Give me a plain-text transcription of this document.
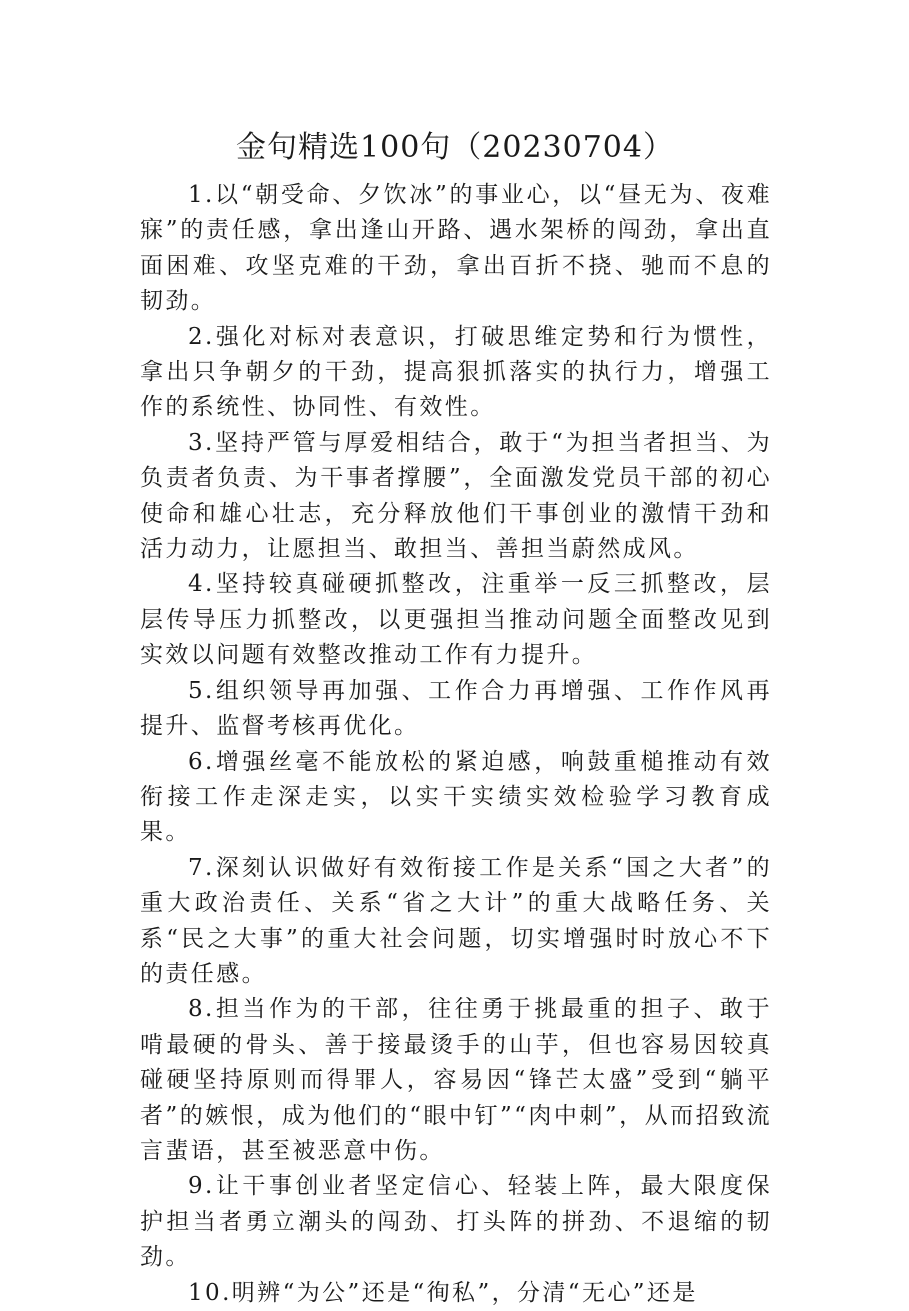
金句精选100句（20230704）

1.以“朝受命、夕饮冰”的事业心，以“昼无为、夜难寐”的责任感，拿出逢山开路、遇水架桥的闯劲，拿出直面困难、攻坚克难的干劲，拿出百折不挠、驰而不息的韧劲。

2.强化对标对表意识，打破思维定势和行为惯性，拿出只争朝夕的干劲，提高狠抓落实的执行力，增强工作的系统性、协同性、有效性。

3.坚持严管与厚爱相结合，敢于“为担当者担当、为负责者负责、为干事者撑腰”，全面激发党员干部的初心使命和雄心壮志，充分释放他们干事创业的激情干劲和活力动力，让愿担当、敢担当、善担当蔚然成风。

4.坚持较真碰硬抓整改，注重举一反三抓整改，层层传导压力抓整改，以更强担当推动问题全面整改见到实效以问题有效整改推动工作有力提升。

5.组织领导再加强、工作合力再增强、工作作风再提升、监督考核再优化。

6.增强丝毫不能放松的紧迫感，响鼓重槌推动有效衔接工作走深走实，以实干实绩实效检验学习教育成果。

7.深刻认识做好有效衔接工作是关系“国之大者”的重大政治责任、关系“省之大计”的重大战略任务、关系“民之大事”的重大社会问题，切实增强时时放心不下的责任感。

8.担当作为的干部，往往勇于挑最重的担子、敢于啃最硬的骨头、善于接最烫手的山芋，但也容易因较真碰硬坚持原则而得罪人，容易因“锋芒太盛”受到“躺平者”的嫉恨，成为他们的“眼中钉”“肉中刺”，从而招致流言蜚语，甚至被恶意中伤。

9.让干事创业者坚定信心、轻装上阵，最大限度保护担当者勇立潮头的闯劲、打头阵的拼劲、不退缩的韧劲。

10.明辨“为公”还是“徇私”，分清“无心”还是
